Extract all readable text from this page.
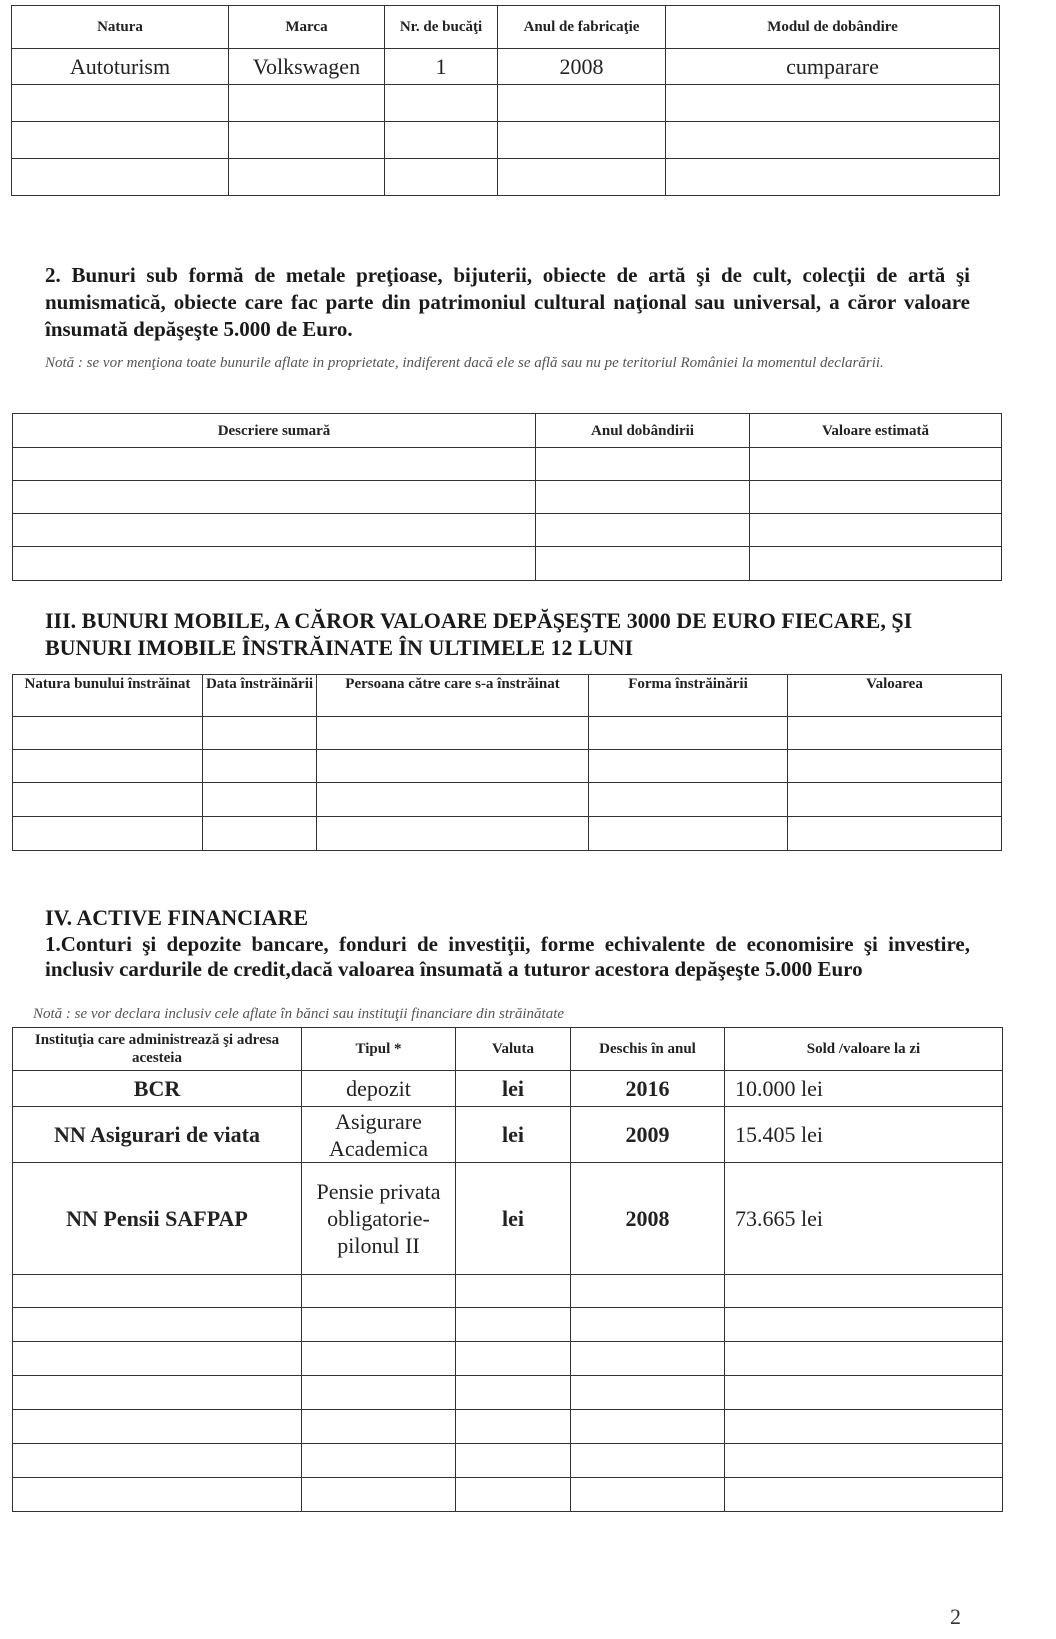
Natura	Marca	Nr. de bucăţi	Anul de fabricaţie	Modul de dobândire
Autoturism	Volkswagen	1	2008	cumparare

2. Bunuri sub formă de metale preţioase, bijuterii, obiecte de artă şi de cult, colecţii de artă şi numismatică, obiecte care fac parte din patrimoniul cultural naţional sau universal, a căror valoare însumată depăşeşte 5.000 de Euro.
Notă : se vor menţiona toate bunurile aflate in proprietate, indiferent dacă ele se află sau nu pe teritoriul României la momentul declarării.
Descriere sumară	Anul dobândirii	Valoare estimată

III. BUNURI MOBILE, A CĂROR VALOARE DEPĂŞEŞTE 3000 DE EURO FIECARE, ŞI BUNURI IMOBILE ÎNSTRĂINATE ÎN ULTIMELE 12 LUNI
Natura bunului înstrăinat	Data înstrăinării	Persoana către care s-a înstrăinat	Forma înstrăinării	Valoarea

IV. ACTIVE FINANCIARE
1.Conturi şi depozite bancare, fonduri de investiţii, forme echivalente de economisire şi investire, inclusiv cardurile de credit,dacă valoarea însumată a tuturor acestora depăşeşte 5.000 Euro
Notă : se vor declara inclusiv cele aflate în bănci sau instituţii financiare din străinătate
Instituţia care administrează şi adresa acesteia	Tipul *	Valuta	Deschis în anul	Sold /valoare la zi
BCR	depozit	lei	2016	10.000 lei
NN Asigurari de viata	Asigurare Academica	lei	2009	15.405 lei
NN Pensii SAFPAP	Pensie privata obligatorie-pilonul II	lei	2008	73.665 lei

2
